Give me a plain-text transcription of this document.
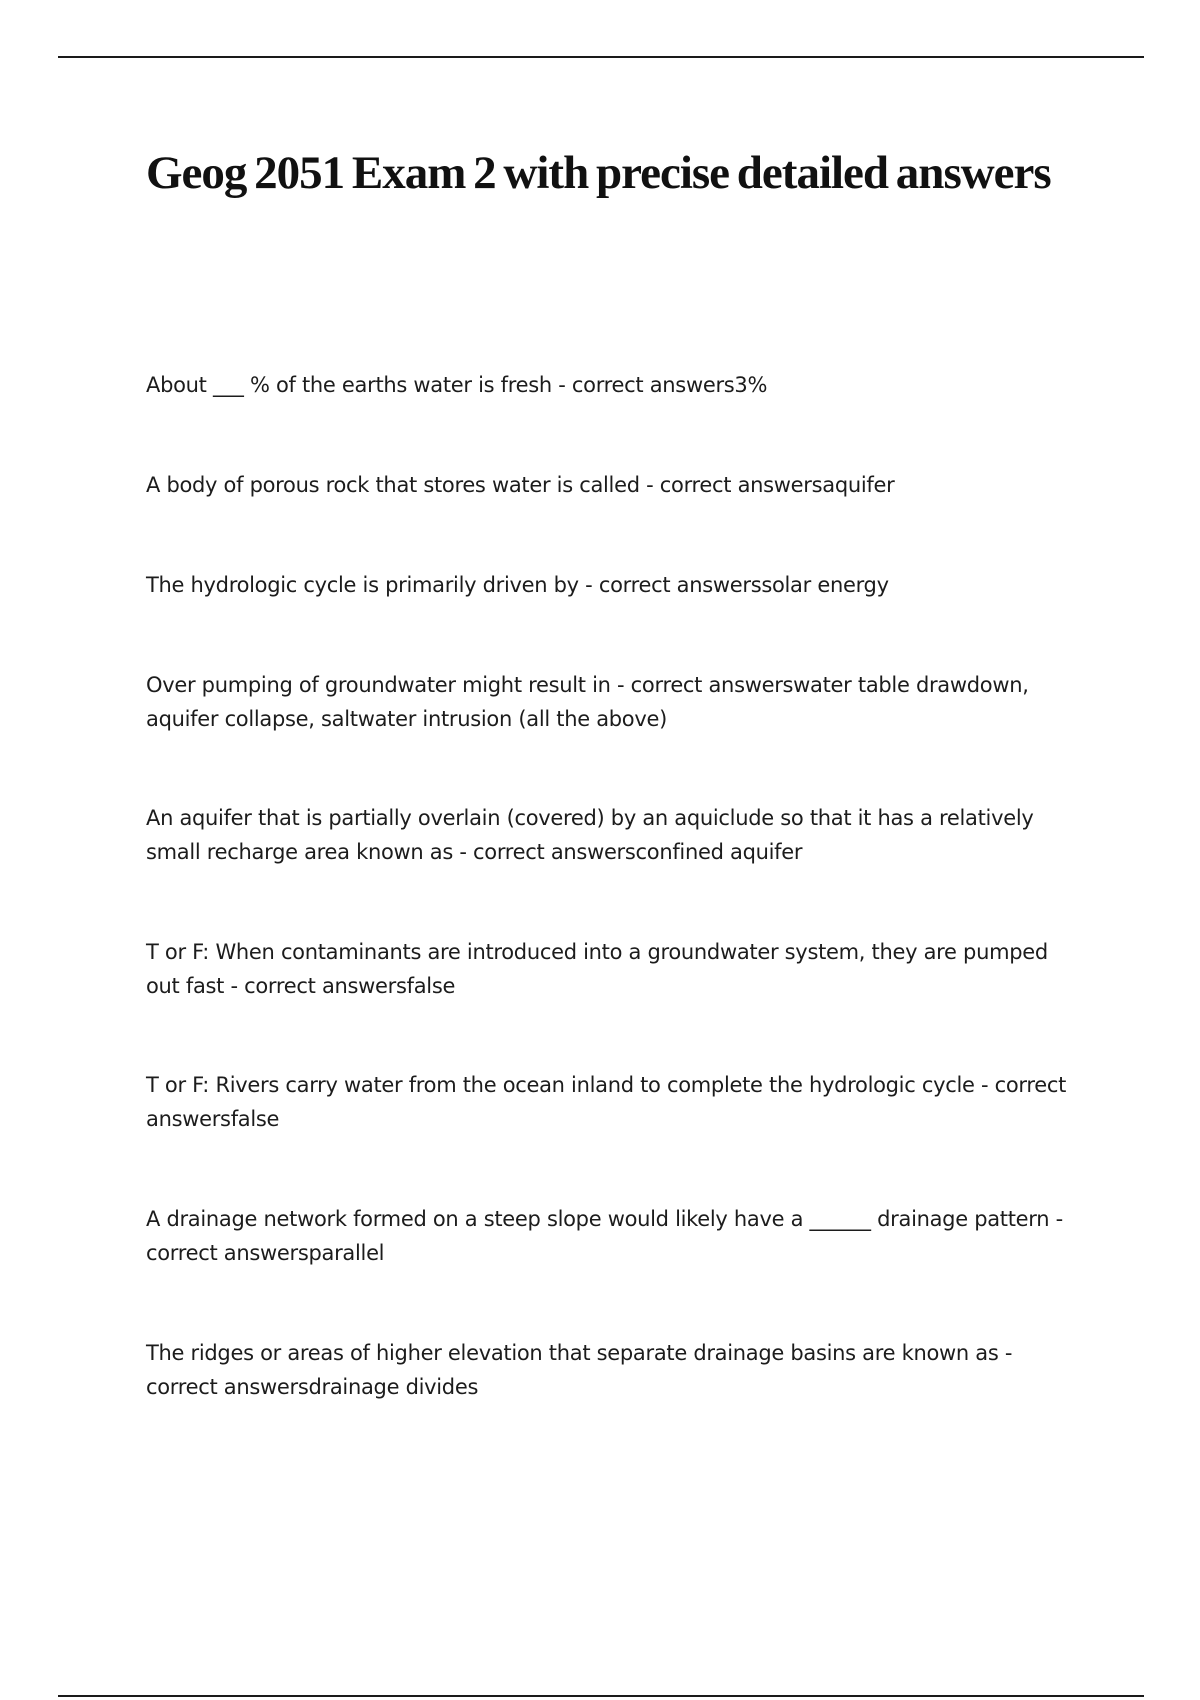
Geog 2051 Exam 2 with precise detailed answers

About ___ % of the earths water is fresh - correct answers3%

A body of porous rock that stores water is called - correct answersaquifer

The hydrologic cycle is primarily driven by - correct answerssolar energy

Over pumping of groundwater might result in - correct answerswater table drawdown, aquifer collapse, saltwater intrusion (all the above)

An aquifer that is partially overlain (covered) by an aquiclude so that it has a relatively small recharge area known as - correct answersconfined aquifer

T or F: When contaminants are introduced into a groundwater system, they are pumped out fast - correct answersfalse

T or F: Rivers carry water from the ocean inland to complete the hydrologic cycle - correct answersfalse

A drainage network formed on a steep slope would likely have a ______ drainage pattern - correct answersparallel

The ridges or areas of higher elevation that separate drainage basins are known as - correct answersdrainage divides
